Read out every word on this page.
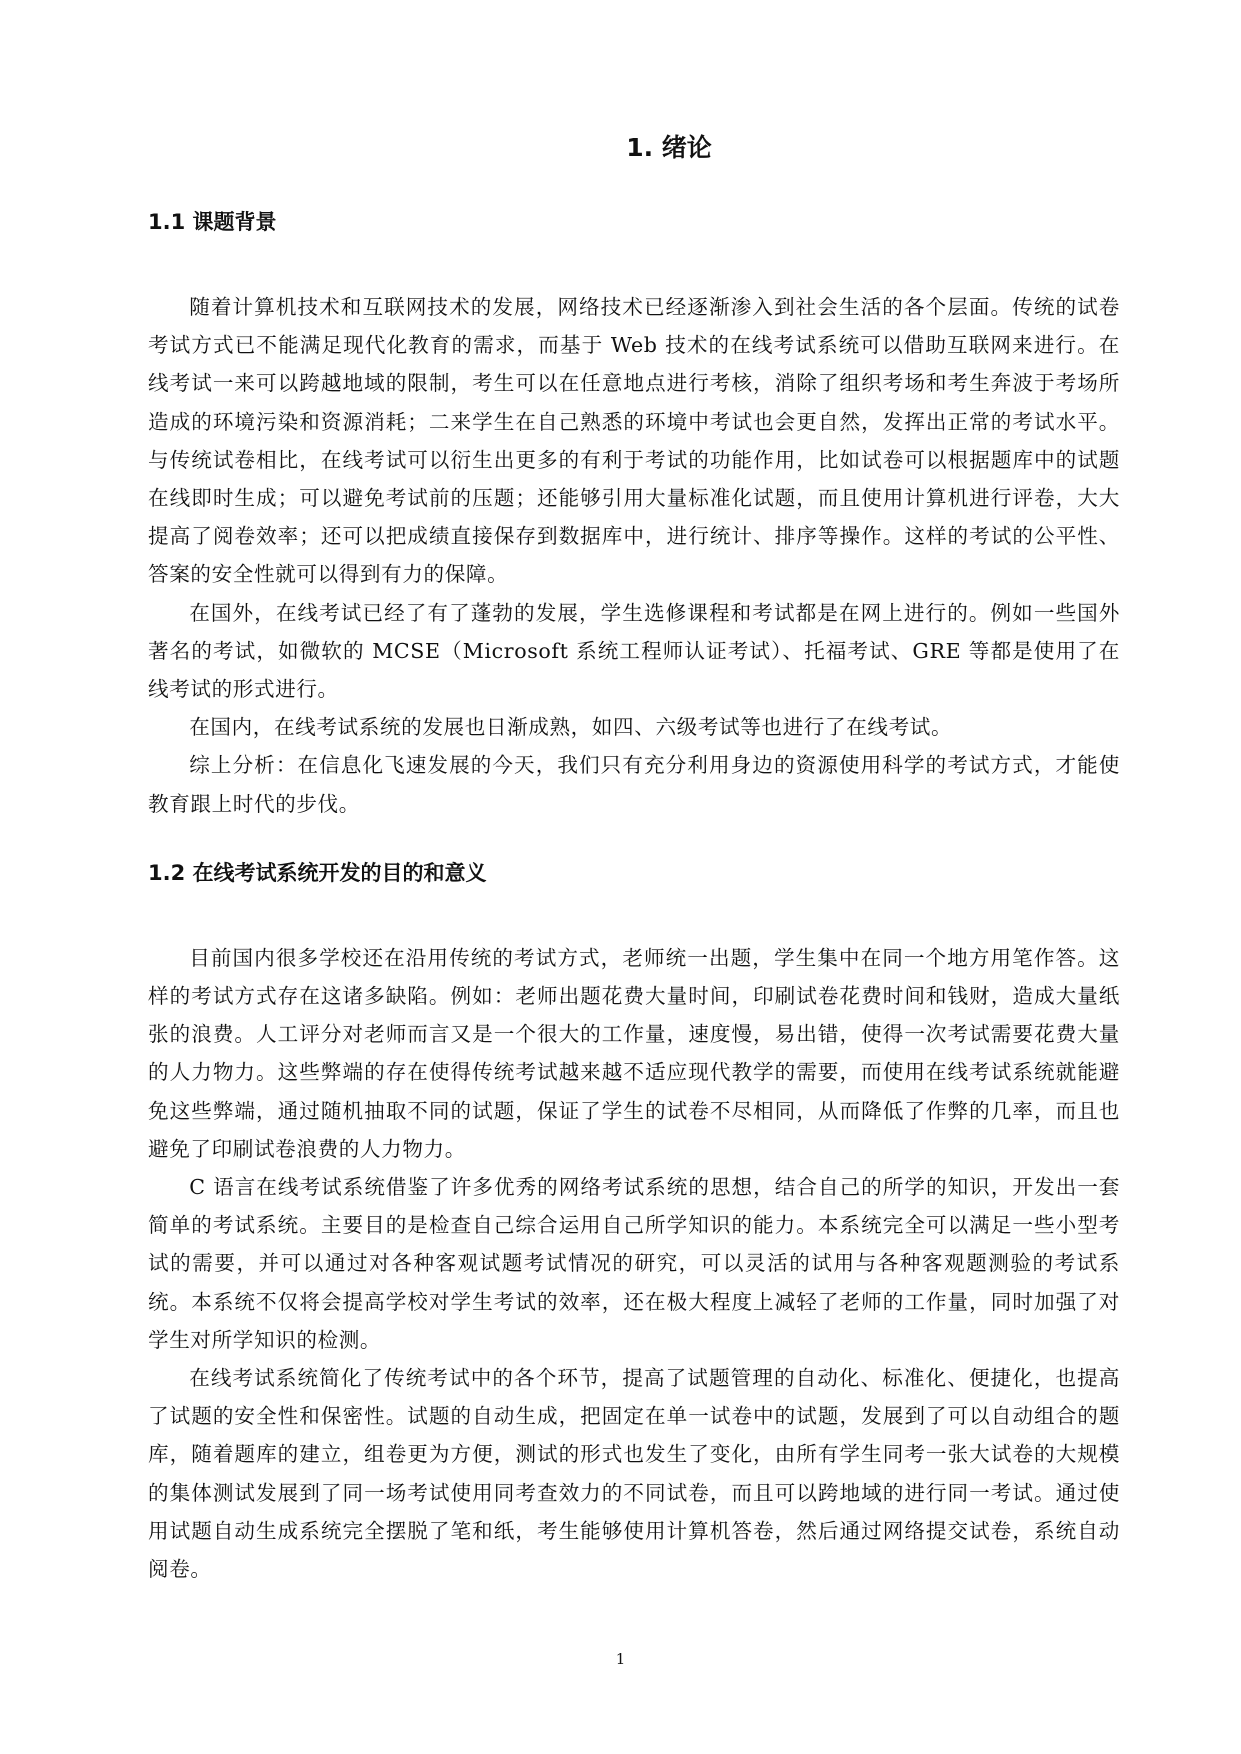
1. 绪论
1.1 课题背景

随着计算机技术和互联网技术的发展，网络技术已经逐渐渗入到社会生活的各个层面。传统的试卷考试方式已不能满足现代化教育的需求，而基于 Web 技术的在线考试系统可以借助互联网来进行。在线考试一来可以跨越地域的限制，考生可以在任意地点进行考核，消除了组织考场和考生奔波于考场所造成的环境污染和资源消耗；二来学生在自己熟悉的环境中考试也会更自然，发挥出正常的考试水平。与传统试卷相比，在线考试可以衍生出更多的有利于考试的功能作用，比如试卷可以根据题库中的试题在线即时生成；可以避免考试前的压题；还能够引用大量标准化试题，而且使用计算机进行评卷，大大提高了阅卷效率；还可以把成绩直接保存到数据库中，进行统计、排序等操作。这样的考试的公平性、答案的安全性就可以得到有力的保障。

在国外，在线考试已经了有了蓬勃的发展，学生选修课程和考试都是在网上进行的。例如一些国外著名的考试，如微软的 MCSE（Microsoft 系统工程师认证考试）、托福考试、GRE 等都是使用了在线考试的形式进行。

在国内，在线考试系统的发展也日渐成熟，如四、六级考试等也进行了在线考试。

综上分析：在信息化飞速发展的今天，我们只有充分利用身边的资源使用科学的考试方式，才能使教育跟上时代的步伐。

1.2 在线考试系统开发的目的和意义

目前国内很多学校还在沿用传统的考试方式，老师统一出题，学生集中在同一个地方用笔作答。这样的考试方式存在这诸多缺陷。例如：老师出题花费大量时间，印刷试卷花费时间和钱财，造成大量纸张的浪费。人工评分对老师而言又是一个很大的工作量，速度慢，易出错，使得一次考试需要花费大量的人力物力。这些弊端的存在使得传统考试越来越不适应现代教学的需要，而使用在线考试系统就能避免这些弊端，通过随机抽取不同的试题，保证了学生的试卷不尽相同，从而降低了作弊的几率，而且也避免了印刷试卷浪费的人力物力。

C 语言在线考试系统借鉴了许多优秀的网络考试系统的思想，结合自己的所学的知识，开发出一套简单的考试系统。主要目的是检查自己综合运用自己所学知识的能力。本系统完全可以满足一些小型考试的需要，并可以通过对各种客观试题考试情况的研究，可以灵活的试用与各种客观题测验的考试系统。本系统不仅将会提高学校对学生考试的效率，还在极大程度上减轻了老师的工作量，同时加强了对学生对所学知识的检测。

在线考试系统简化了传统考试中的各个环节，提高了试题管理的自动化、标准化、便捷化，也提高了试题的安全性和保密性。试题的自动生成，把固定在单一试卷中的试题，发展到了可以自动组合的题库，随着题库的建立，组卷更为方便，测试的形式也发生了变化，由所有学生同考一张大试卷的大规模的集体测试发展到了同一场考试使用同考查效力的不同试卷，而且可以跨地域的进行同一考试。通过使用试题自动生成系统完全摆脱了笔和纸，考生能够使用计算机答卷，然后通过网络提交试卷，系统自动阅卷。

1
